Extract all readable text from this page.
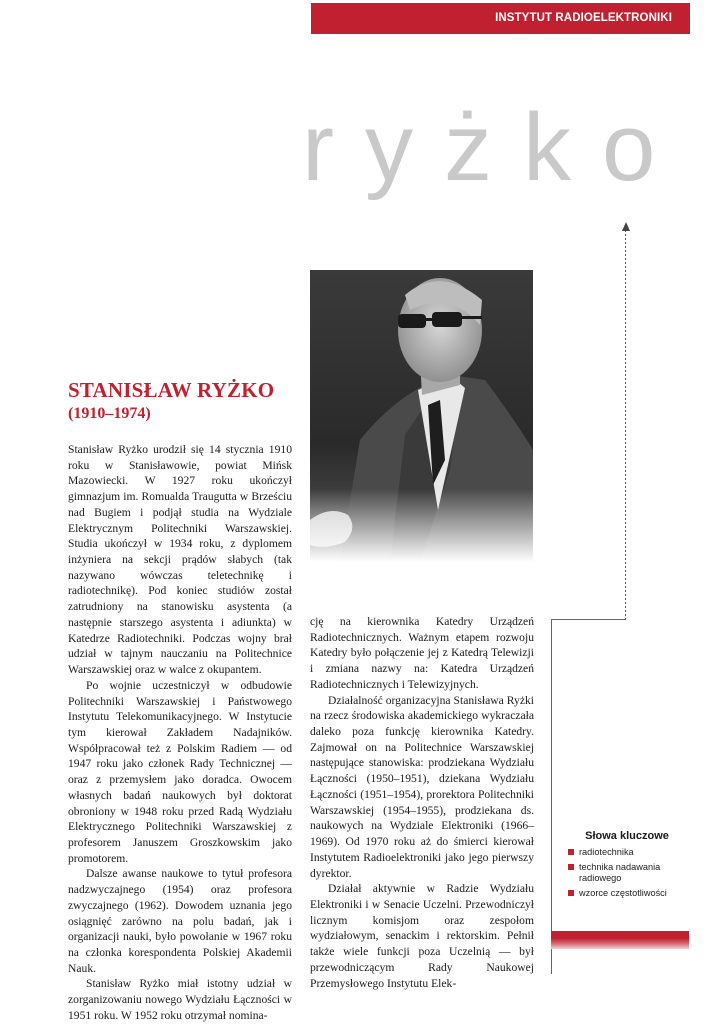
INSTYTUT RADIOELEKTRONIKI
ryżko
STANISŁAW RYŻKO
(1910–1974)

Stanisław Ryżko urodził się 14 stycznia 1910 roku w Stanisławowie, powiat Mińsk Mazowiecki. W 1927 roku ukończył gimnazjum im. Romualda Traugutta w Brześciu nad Bugiem i podjął studia na Wydziale Elektrycznym Politechniki Warszawskiej. Studia ukończył w 1934 roku, z dyplomem inżyniera na sekcji prądów słabych (tak nazywano wówczas teletechnikę i radiotechnikę). Pod koniec studiów został zatrudniony na stanowisku asystenta (a następnie starszego asystenta i adiunkta) w Katedrze Radiotechniki. Podczas wojny brał udział w tajnym nauczaniu na Politechnice Warszawskiej oraz w walce z okupantem.

Po wojnie uczestniczył w odbudowie Politechniki Warszawskiej i Państwowego Instytutu Telekomunikacyjnego. W Instytucie tym kierował Zakładem Nadajników. Współpracował też z Polskim Radiem — od 1947 roku jako członek Rady Technicznej — oraz z przemysłem jako doradca. Owocem własnych badań naukowych był doktorat obroniony w 1948 roku przed Radą Wydziału Elektrycznego Politechniki Warszawskiej z profesorem Januszem Groszkowskim jako promotorem.

Dalsze awanse naukowe to tytuł profesora nadzwyczajnego (1954) oraz profesora zwyczajnego (1962). Dowodem uznania jego osiągnięć zarówno na polu badań, jak i organizacji nauki, było powołanie w 1967 roku na członka korespondenta Polskiej Akademii Nauk.

Stanisław Ryżko miał istotny udział w zorganizowaniu nowego Wydziału Łączności w 1951 roku. W 1952 roku otrzymał nomina-

cję na kierownika Katedry Urządzeń Radiotechnicznych. Ważnym etapem rozwoju Katedry było połączenie jej z Katedrą Telewizji i zmiana nazwy na: Katedra Urządzeń Radiotechnicznych i Telewizyjnych.

Działalność organizacyjna Stanisława Ryżki na rzecz środowiska akademickiego wykraczała daleko poza funkcję kierownika Katedry. Zajmował on na Politechnice Warszawskiej następujące stanowiska: prodziekana Wydziału Łączności (1950–1951), dziekana Wydziału Łączności (1951–1954), prorektora Politechniki Warszawskiej (1954–1955), prodziekana ds. naukowych na Wydziale Elektroniki (1966–1969). Od 1970 roku aż do śmierci kierował Instytutem Radioelektroniki jako jego pierwszy dyrektor.

Działał aktywnie w Radzie Wydziału Elektroniki i w Senacie Uczelni. Przewodniczył licznym komisjom oraz zespołom wydziałowym, senackim i rektorskim. Pełnił także wiele funkcji poza Uczelnią — był przewodniczącym Rady Naukowej Przemysłowego Instytutu Elek-

Słowa kluczowe
radiotechnika
technika nadawania radiowego
wzorce częstotliwości
